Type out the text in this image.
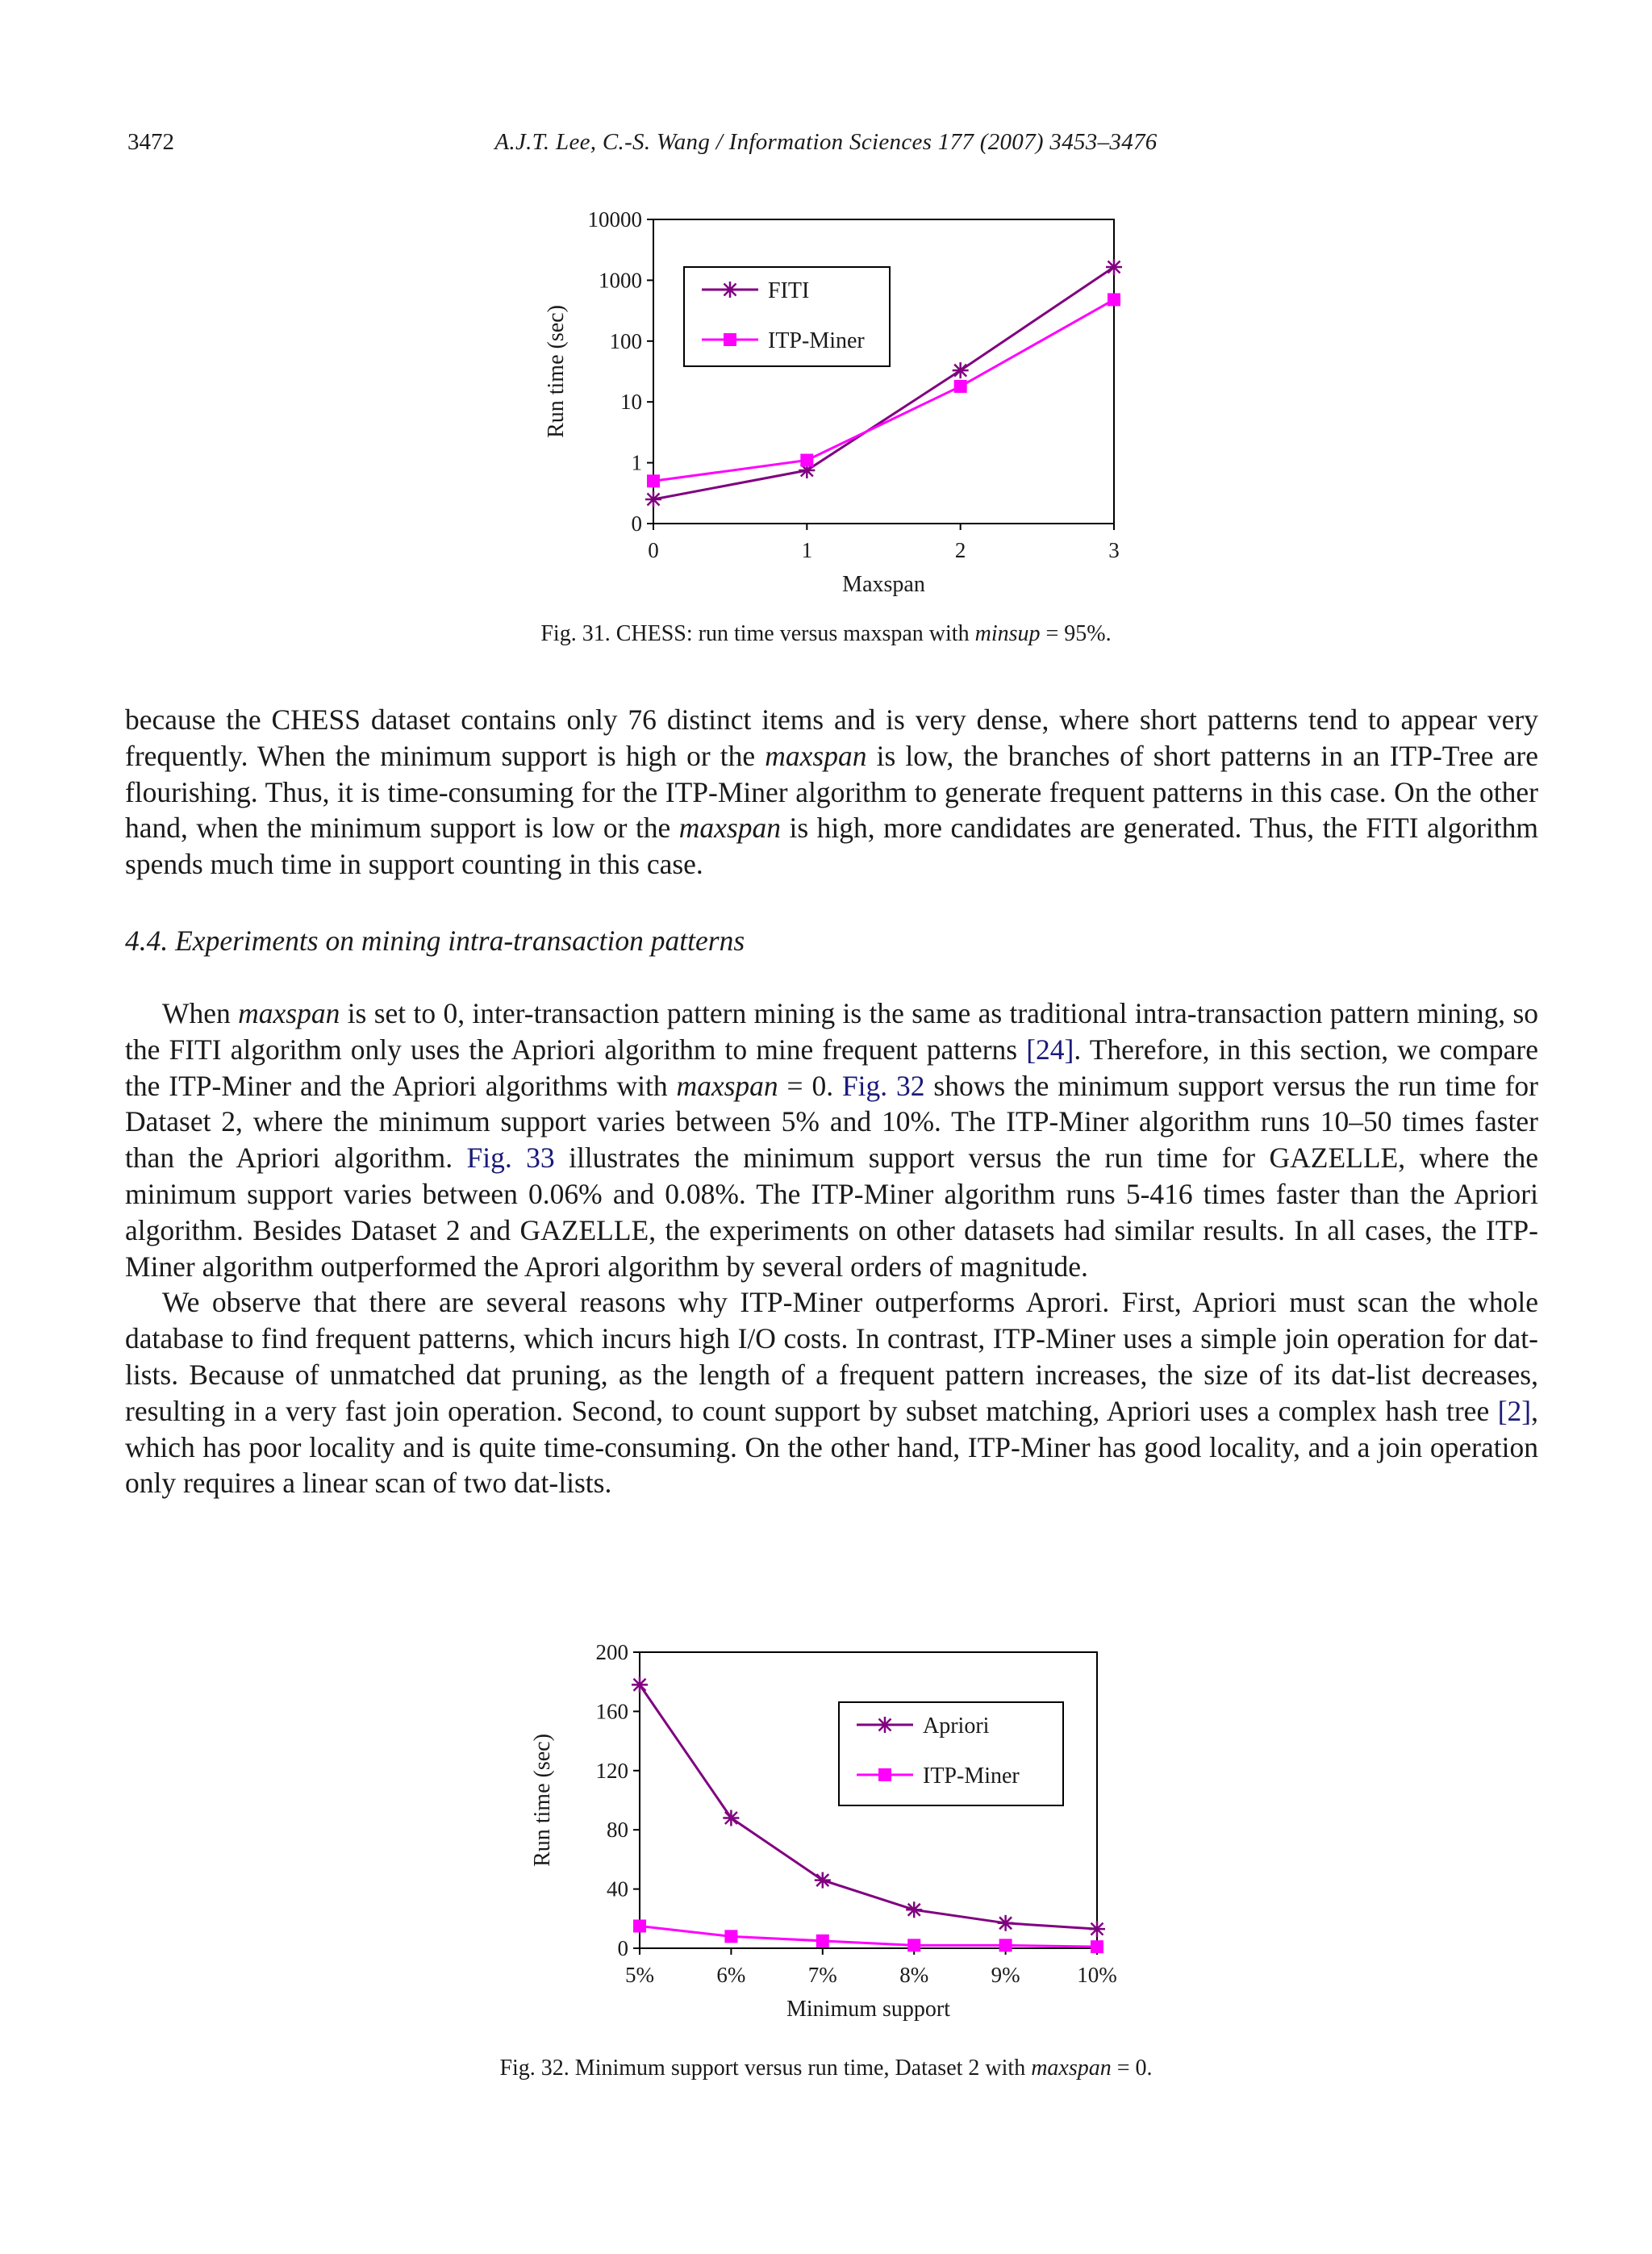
3472	A.J.T. Lee, C.-S. Wang / Information Sciences 177 (2007) 3453–3476
0
1
10
100
1000
10000
0	1	2	3
Maxspan
Run time (sec)
FITI
ITP-Miner
Fig. 31. CHESS: run time versus maxspan with minsup = 95%.

because the CHESS dataset contains only 76 distinct items and is very dense, where short patterns tend to appear very frequently. When the minimum support is high or the maxspan is low, the branches of short patterns in an ITP-Tree are flourishing. Thus, it is time-consuming for the ITP-Miner algorithm to generate frequent patterns in this case. On the other hand, when the minimum support is low or the maxspan is high, more candidates are generated. Thus, the FITI algorithm spends much time in support counting in this case.

4.4. Experiments on mining intra-transaction patterns

When maxspan is set to 0, inter-transaction pattern mining is the same as traditional intra-transaction pattern mining, so the FITI algorithm only uses the Apriori algorithm to mine frequent patterns [24]. Therefore, in this section, we compare the ITP-Miner and the Apriori algorithms with maxspan = 0. Fig. 32 shows the minimum support versus the run time for Dataset 2, where the minimum support varies between 5% and 10%. The ITP-Miner algorithm runs 10–50 times faster than the Apriori algorithm. Fig. 33 illustrates the minimum support versus the run time for GAZELLE, where the minimum support varies between 0.06% and 0.08%. The ITP-Miner algorithm runs 5-416 times faster than the Apriori algorithm. Besides Dataset 2 and GAZELLE, the experiments on other datasets had similar results. In all cases, the ITP-Miner algorithm outperformed the Aprori algorithm by several orders of magnitude.

We observe that there are several reasons why ITP-Miner outperforms Aprori. First, Apriori must scan the whole database to find frequent patterns, which incurs high I/O costs. In contrast, ITP-Miner uses a simple join operation for dat-lists. Because of unmatched dat pruning, as the length of a frequent pattern increases, the size of its dat-list decreases, resulting in a very fast join operation. Second, to count support by subset matching, Apriori uses a complex hash tree [2], which has poor locality and is quite time-consuming. On the other hand, ITP-Miner has good locality, and a join operation only requires a linear scan of two dat-lists.

0
40
80
120
160
200
5%	6%	7%	8%	9%	10%
Minimum support
Run time (sec)
Apriori
ITP-Miner
Fig. 32. Minimum support versus run time, Dataset 2 with maxspan = 0.
